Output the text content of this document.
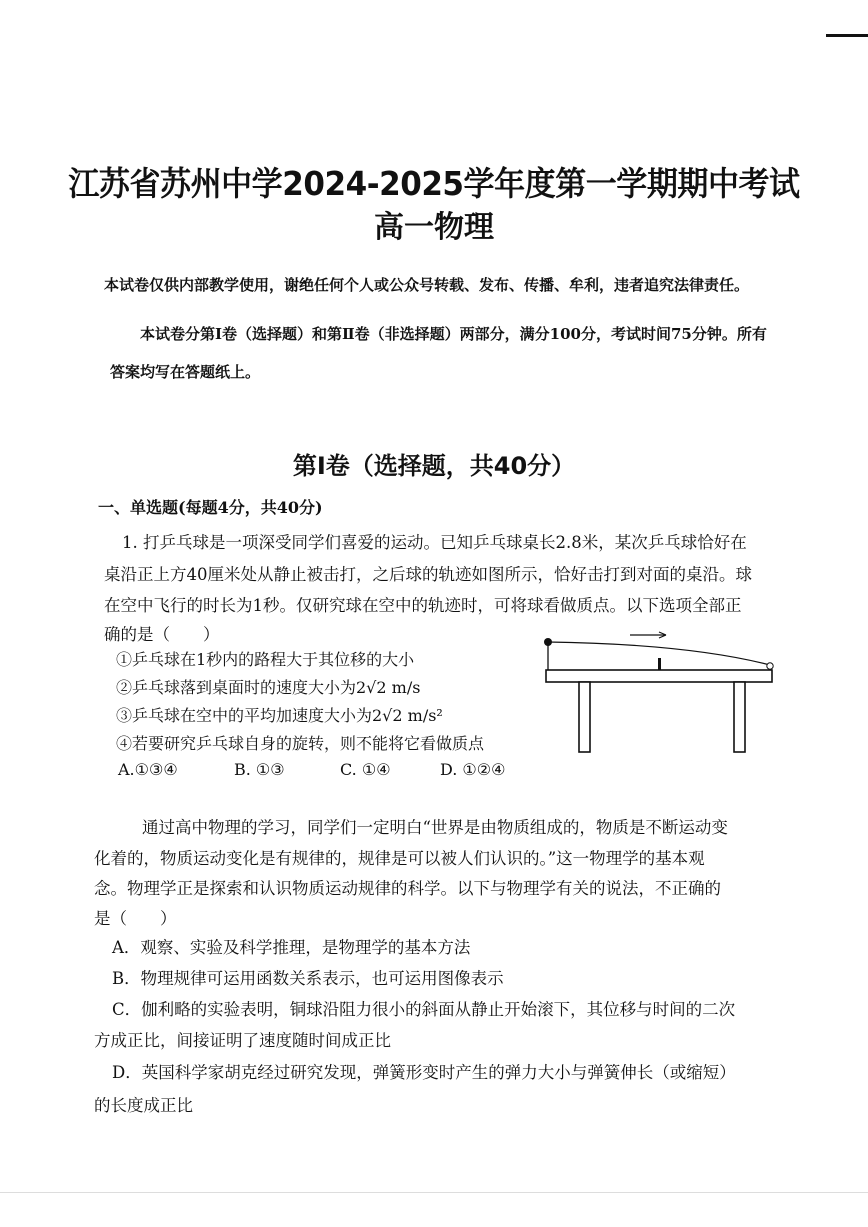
江苏省苏州中学2024-2025学年度第一学期期中考试
高一物理
本试卷仅供内部教学使用，谢绝任何个人或公众号转载、发布、传播、牟利，违者追究法律责任。
本试卷分第Ⅰ卷（选择题）和第Ⅱ卷（非选择题）两部分，满分100分，考试时间75分钟。所有
答案均写在答题纸上。
第Ⅰ卷（选择题，共40分）
一、单选题(每题4分，共40分)
1. 打乒乓球是一项深受同学们喜爱的运动。已知乒乓球桌长2.8米，某次乒乓球恰好在
桌沿正上方40厘米处从静止被击打，之后球的轨迹如图所示，恰好击打到对面的桌沿。球
在空中飞行的时长为1秒。仅研究球在空中的轨迹时，可将球看做质点。以下选项全部正
确的是（　　）
①乒乓球在1秒内的路程大于其位移的大小
②乒乓球落到桌面时的速度大小为2√2 m/s
③乒乓球在空中的平均加速度大小为2√2 m/s²
④若要研究乒乓球自身的旋转，则不能将它看做质点
A.①③④	B. ①③	C. ①④	D. ①②④
通过高中物理的学习，同学们一定明白“世界是由物质组成的，物质是不断运动变
化着的，物质运动变化是有规律的，规律是可以被人们认识的。”这一物理学的基本观
念。物理学正是探索和认识物质运动规律的科学。以下与物理学有关的说法，不正确的
是（　　）
A．观察、实验及科学推理，是物理学的基本方法
B．物理规律可运用函数关系表示，也可运用图像表示
C．伽利略的实验表明，铜球沿阻力很小的斜面从静止开始滚下，其位移与时间的二次
方成正比，间接证明了速度随时间成正比
D．英国科学家胡克经过研究发现，弹簧形变时产生的弹力大小与弹簧伸长（或缩短）
的长度成正比
